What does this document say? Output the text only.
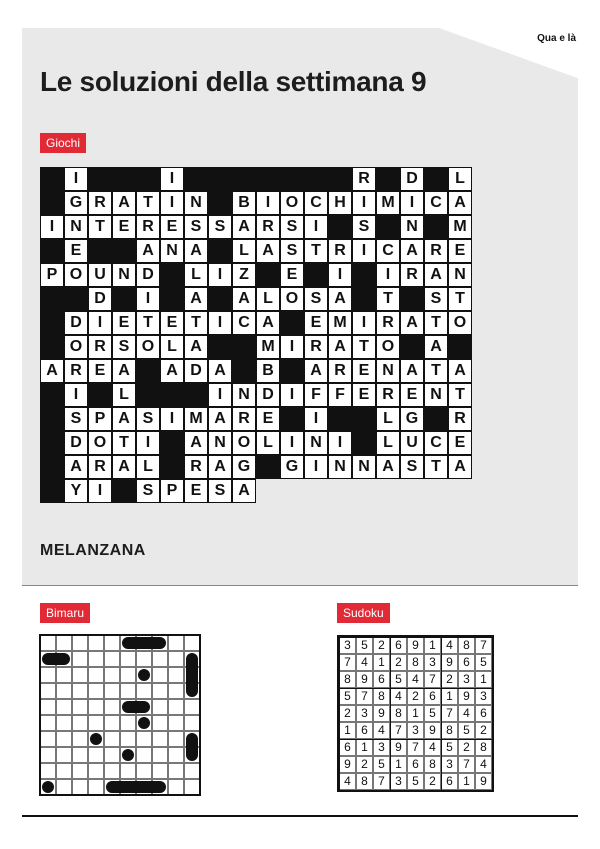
Qua e là
Le soluzioni della settimana 9
Giochi
I	I	R	D	L
G R A T	I	N	B I O C H I M I	C A
I	N T E R E S S A R S	I	S	N	M
E	A N A	L A S T R I	C A R E
P O U N D	L	I	Z	E	I	I	R A N
D	I	A	A L O S A	T	S T
D I	E T E T	I	C A	E M I	R A T O
O R S O L A	M I	R A T O	A
A R E A	A D A	B	A R E N A T A
I	L	I	N D I	F F E R E N T
S P A S	I M A R E	I	L G	R
D O T	I	A N O L	I	N I	L U C E
A R A L	R A G	G I	N N A S T A
Y	I	S P E S A
MELANZANA
Bimaru	Sudoku
3 5 2 6 9 1 4 8 7
7 4 1 2 8 3 9 6 5
8 9 6 5 4 7 2 3 1
5 7 8 4 2 6 1 9 3
2 3 9 8 1 5 7 4 6
1 6 4 7 3 9 8 5 2
6 1 3 9 7 4 5 2 8
9 2 5 1 6 8 3 7 4
4 8 7 3 5 2 6 1 9
